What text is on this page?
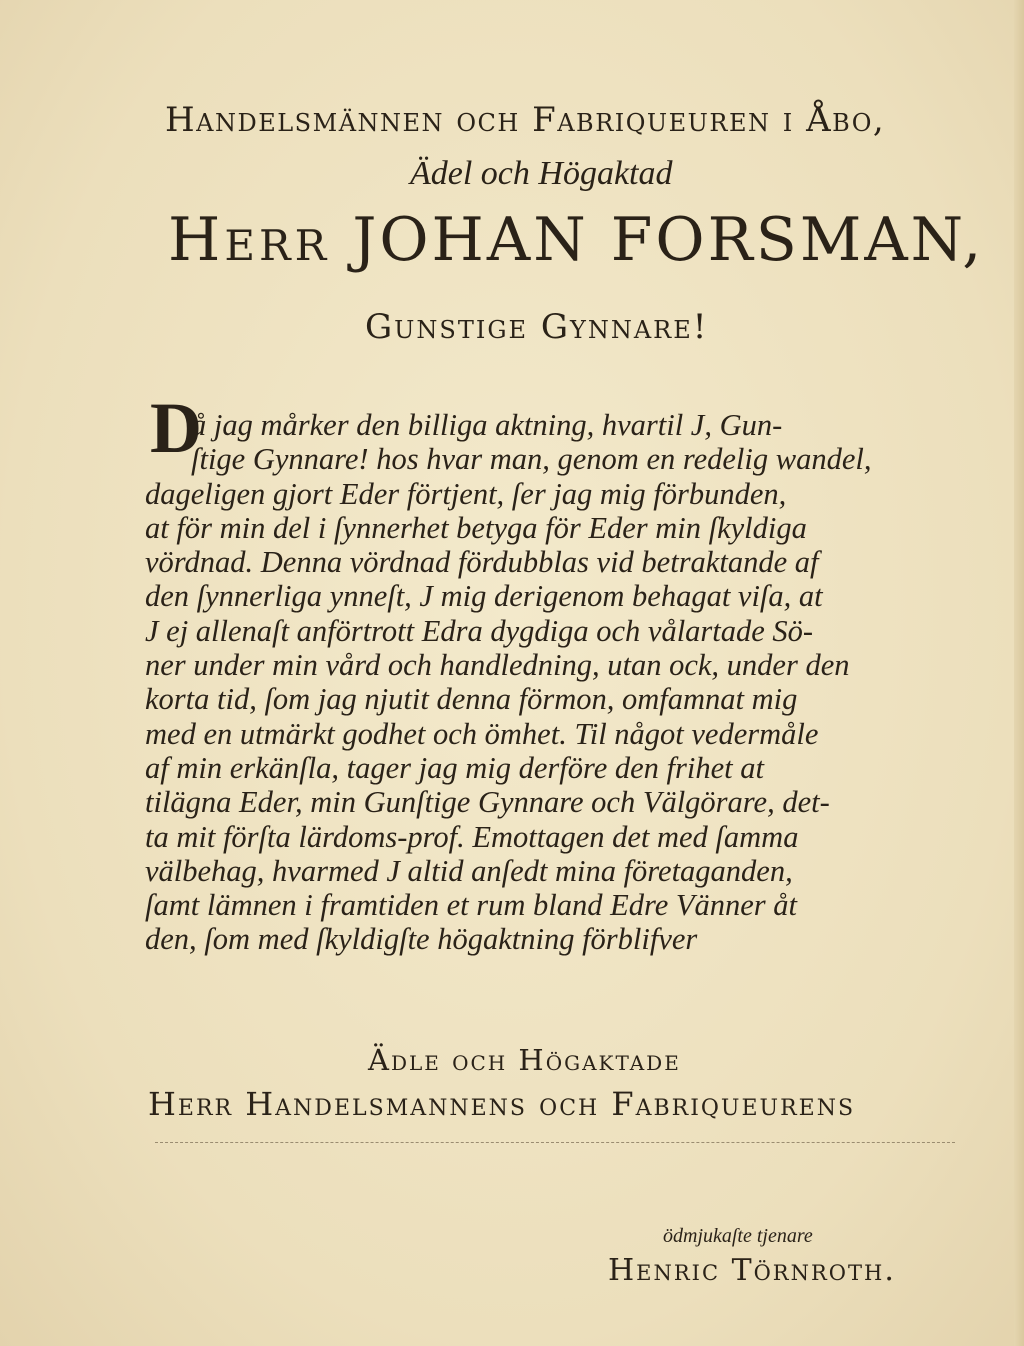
Handelsmännen och Fabriqueuren i Åbo,
Ädel och Högaktad
Herr JOHAN FORSMAN,
Gunstige Gynnare!
D
å jag mårker den billiga aktning, hvartil J, Gun-
ſtige Gynnare! hos hvar man, genom en redelig wandel,
dageligen gjort Eder förtjent, ſer jag mig förbunden,
at för min del i ſynnerhet betyga för Eder min ſkyldiga
vördnad. Denna vördnad fördubblas vid betraktande af
den ſynnerliga ynneſt, J mig derigenom behagat viſa, at
J ej allenaſt anförtrott Edra dygdiga och vålartade Sö-
ner under min vård och handledning, utan ock, under den
korta tid, ſom jag njutit denna förmon, omfamnat mig
med en utmärkt godhet och ömhet. Til något vedermåle
af min erkänſla, tager jag mig derföre den frihet at
tilägna Eder, min Gunſtige Gynnare och Välgörare, det-
ta mit förſta lärdoms-prof. Emottagen det med ſamma
välbehag, hvarmed J altid anſedt mina företaganden,
ſamt lämnen i framtiden et rum bland Edre Vänner åt
den, ſom med ſkyldigſte högaktning förblifver
Ädle och Högaktade
Herr Handelsmannens och Fabriqueurens
ödmjukaſte tjenare
Henric Törnroth.
